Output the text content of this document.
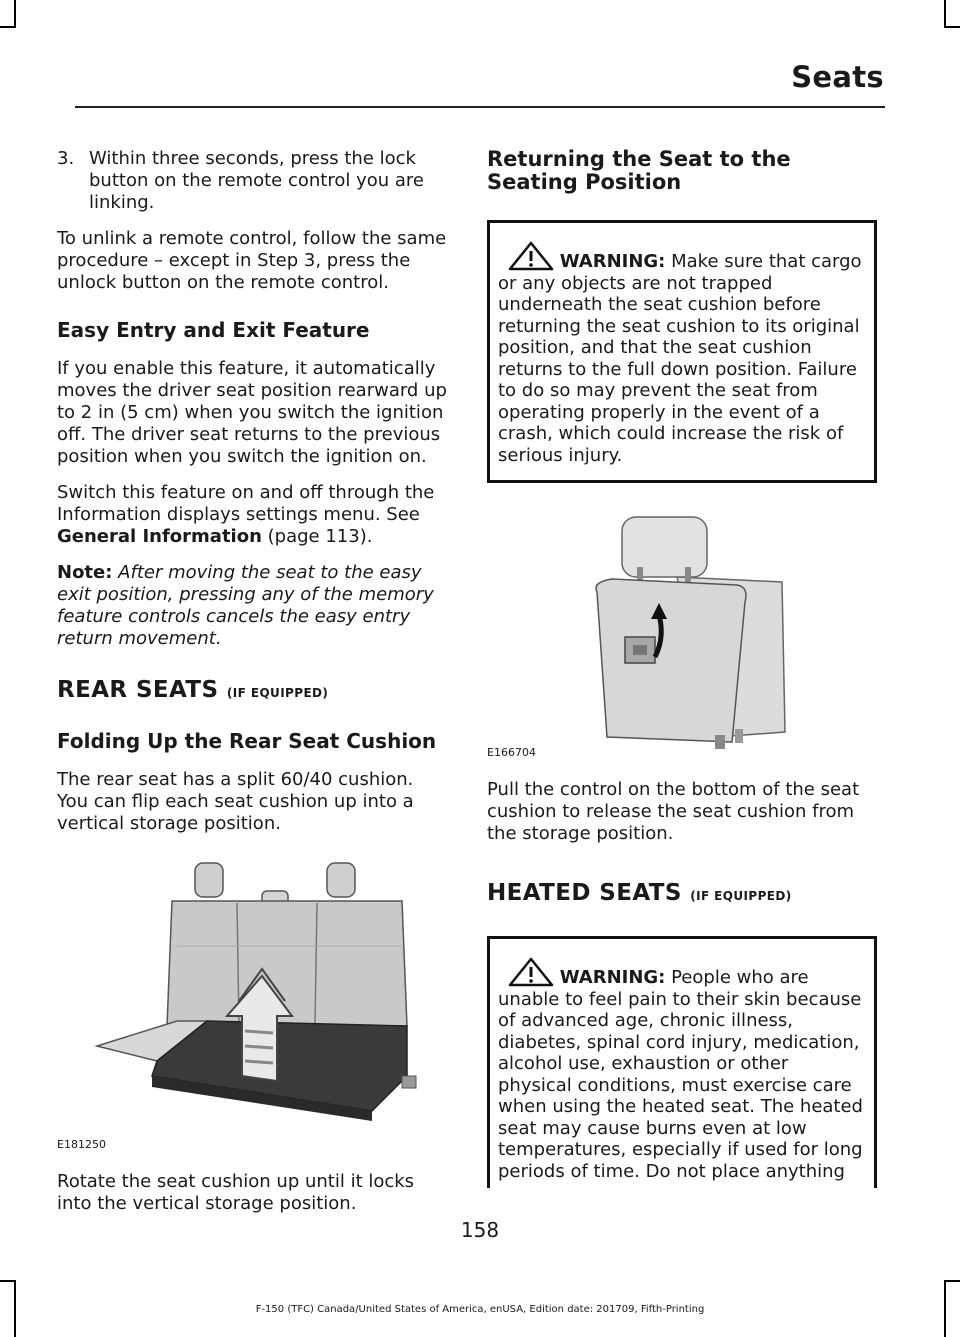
Seats

3. Within three seconds, press the lock button on the remote control you are linking.

To unlink a remote control, follow the same procedure – except in Step 3, press the unlock button on the remote control.

Easy Entry and Exit Feature

If you enable this feature, it automatically moves the driver seat position rearward up to 2 in (5 cm) when you switch the ignition off. The driver seat returns to the previous position when you switch the ignition on.

Switch this feature on and off through the Information displays settings menu. See General Information (page 113).

Note: After moving the seat to the easy exit position, pressing any of the memory feature controls cancels the easy entry return movement.

REAR SEATS (IF EQUIPPED)
Folding Up the Rear Seat Cushion

The rear seat has a split 60/40 cushion. You can flip each seat cushion up into a vertical storage position.

E181250

Rotate the seat cushion up until it locks into the vertical storage position.

Returning the Seat to the Seating Position

WARNING: Make sure that cargo or any objects are not trapped underneath the seat cushion before returning the seat cushion to its original position, and that the seat cushion returns to the full down position. Failure to do so may prevent the seat from operating properly in the event of a crash, which could increase the risk of serious injury.

E166704

Pull the control on the bottom of the seat cushion to release the seat cushion from the storage position.

HEATED SEATS (IF EQUIPPED)

WARNING: People who are unable to feel pain to their skin because of advanced age, chronic illness, diabetes, spinal cord injury, medication, alcohol use, exhaustion or other physical conditions, must exercise care when using the heated seat. The heated seat may cause burns even at low temperatures, especially if used for long periods of time. Do not place anything

158
F-150 (TFC) Canada/United States of America, enUSA, Edition date: 201709, Fifth-Printing
